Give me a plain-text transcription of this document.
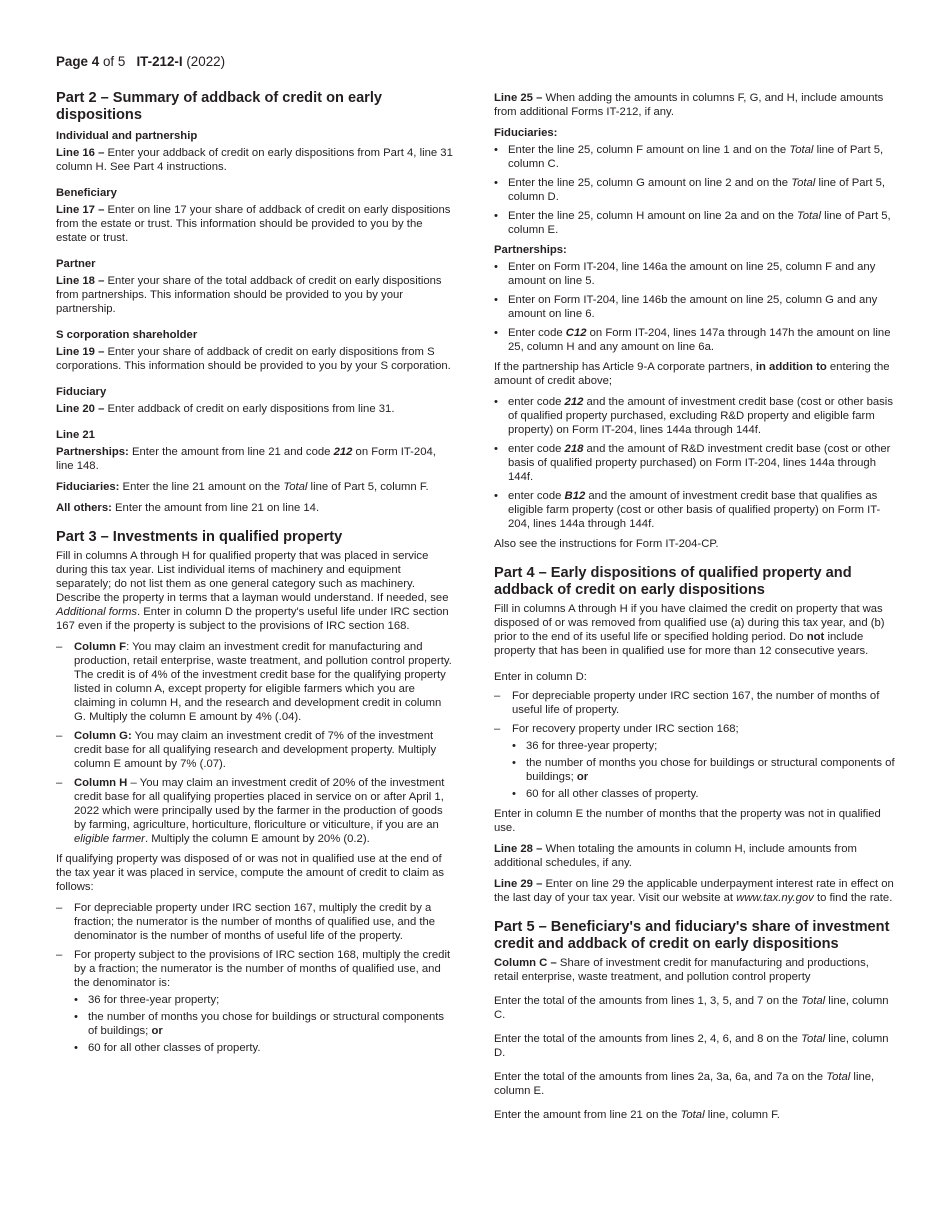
Page 4 of 5 IT-212-I (2022)
Part 2 – Summary of addback of credit on early dispositions
Individual and partnership

Line 16 – Enter your addback of credit on early dispositions from Part 4, line 31 column H. See Part 4 instructions.

Beneficiary

Line 17 – Enter on line 17 your share of addback of credit on early dispositions from the estate or trust. This information should be provided to you by the estate or trust.

Partner

Line 18 – Enter your share of the total addback of credit on early dispositions from partnerships. This information should be provided to you by your partnership.

S corporation shareholder

Line 19 – Enter your share of addback of credit on early dispositions from S corporations. This information should be provided to you by your S corporation.

Fiduciary

Line 20 – Enter addback of credit on early dispositions from line 31.

Line 21

Partnerships: Enter the amount from line 21 and code 212 on Form IT-204, line 148.

Fiduciaries: Enter the line 21 amount on the Total line of Part 5, column F.

All others: Enter the amount from line 21 on line 14.

Part 3 – Investments in qualified property

Fill in columns A through H for qualified property that was placed in service during this tax year. List individual items of machinery and equipment separately; do not list them as one general category such as machinery. Describe the property in terms that a layman would understand. If needed, see Additional forms. Enter in column D the property's useful life under IRC section 167 even if the property is subject to the provisions of IRC section 168.

– Column F: You may claim an investment credit for manufacturing and production, retail enterprise, waste treatment, and pollution control property. The credit is of 4% of the investment credit base for the qualifying property listed in column A, except property for eligible farmers which you are claiming in column H, and the research and development credit in column G. Multiply the column E amount by 4% (.04).
– Column G: You may claim an investment credit of 7% of the investment credit base for all qualifying research and development property. Multiply column E amount by 7% (.07).
– Column H – You may claim an investment credit of 20% of the investment credit base for all qualifying properties placed in service on or after April 1, 2022 which were principally used by the farmer in the production of goods by farming, agriculture, horticulture, floriculture or viticulture, if you are an eligible farmer. Multiply the column E amount by 20% (0.2).

If qualifying property was disposed of or was not in qualified use at the end of the tax year it was placed in service, compute the amount of credit to claim as follows:

– For depreciable property under IRC section 167, multiply the credit by a fraction; the numerator is the number of months of qualified use, and the denominator is the number of months of useful life of the property.
– For property subject to the provisions of IRC section 168, multiply the credit by a fraction; the numerator is the number of months of qualified use, and the denominator is:
• 36 for three-year property;
• the number of months you chose for buildings or structural components of buildings; or
• 60 for all other classes of property.

Line 25 – When adding the amounts in columns F, G, and H, include amounts from additional Forms IT-212, if any.

Fiduciaries:
• Enter the line 25, column F amount on line 1 and on the Total line of Part 5, column C.
• Enter the line 25, column G amount on line 2 and on the Total line of Part 5, column D.
• Enter the line 25, column H amount on line 2a and on the Total line of Part 5, column E.
Partnerships:
• Enter on Form IT-204, line 146a the amount on line 25, column F and any amount on line 5.
• Enter on Form IT-204, line 146b the amount on line 25, column G and any amount on line 6.
• Enter code C12 on Form IT-204, lines 147a through 147h the amount on line 25, column H and any amount on line 6a.

If the partnership has Article 9-A corporate partners, in addition to entering the amount of credit above;

• enter code 212 and the amount of investment credit base (cost or other basis of qualified property purchased, excluding R&D property and eligible farm property) on Form IT-204, lines 144a through 144f.
• enter code 218 and the amount of R&D investment credit base (cost or other basis of qualified property purchased) on Form IT-204, lines 144a through 144f.
• enter code B12 and the amount of investment credit base that qualifies as eligible farm property (cost or other basis of qualified property) on Form IT-204, lines 144a through 144f.

Also see the instructions for Form IT-204-CP.

Part 4 – Early dispositions of qualified property and addback of credit on early dispositions

Fill in columns A through H if you have claimed the credit on property that was disposed of or was removed from qualified use (a) during this tax year, and (b) prior to the end of its useful life or specified holding period. Do not include property that has been in qualified use for more than 12 consecutive years.

Enter in column D:

– For depreciable property under IRC section 167, the number of months of useful life of property.
– For recovery property under IRC section 168;
• 36 for three-year property;
• the number of months you chose for buildings or structural components of buildings; or
• 60 for all other classes of property.

Enter in column E the number of months that the property was not in qualified use.

Line 28 – When totaling the amounts in column H, include amounts from additional schedules, if any.

Line 29 – Enter on line 29 the applicable underpayment interest rate in effect on the last day of your tax year. Visit our website at www.tax.ny.gov to find the rate.

Part 5 – Beneficiary's and fiduciary's share of investment credit and addback of credit on early dispositions

Column C – Share of investment credit for manufacturing and productions, retail enterprise, waste treatment, and pollution control property

Enter the total of the amounts from lines 1, 3, 5, and 7 on the Total line, column C.

Enter the total of the amounts from lines 2, 4, 6, and 8 on the Total line, column D.

Enter the total of the amounts from lines 2a, 3a, 6a, and 7a on the Total line, column E.

Enter the amount from line 21 on the Total line, column F.
